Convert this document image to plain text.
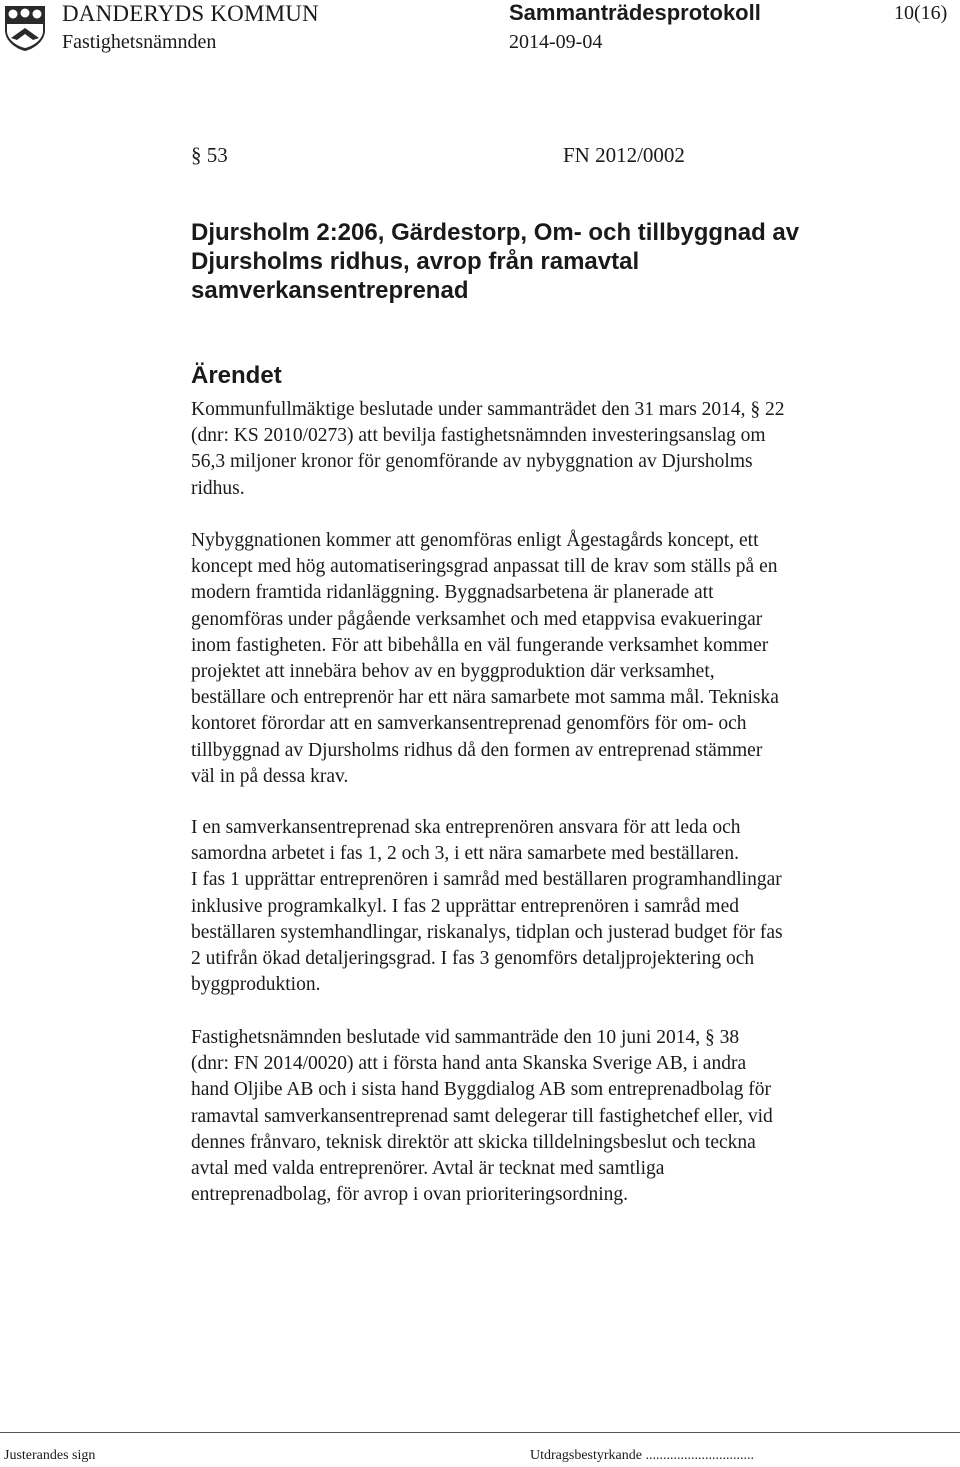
DANDERYDS KOMMUN
Fastighetsnämnden
Sammanträdesprotokoll
2014-09-04
10(16)
§ 53	FN 2012/0002
Djursholm 2:206, Gärdestorp, Om- och tillbyggnad av
Djursholms ridhus, avrop från ramavtal
samverkansentreprenad
Ärendet

Kommunfullmäktige beslutade under sammanträdet den 31 mars 2014, § 22
(dnr: KS 2010/0273) att bevilja fastighetsnämnden investeringsanslag om
56,3 miljoner kronor för genomförande av nybyggnation av Djursholms
ridhus.

Nybyggnationen kommer att genomföras enligt Ågestagårds koncept, ett
koncept med hög automatiseringsgrad anpassat till de krav som ställs på en
modern framtida ridanläggning. Byggnadsarbetena är planerade att
genomföras under pågående verksamhet och med etappvisa evakueringar
inom fastigheten. För att bibehålla en väl fungerande verksamhet kommer
projektet att innebära behov av en byggproduktion där verksamhet,
beställare och entreprenör har ett nära samarbete mot samma mål. Tekniska
kontoret förordar att en samverkansentreprenad genomförs för om- och
tillbyggnad av Djursholms ridhus då den formen av entreprenad stämmer
väl in på dessa krav.

I en samverkansentreprenad ska entreprenören ansvara för att leda och
samordna arbetet i fas 1, 2 och 3, i ett nära samarbete med beställaren.
I fas 1 upprättar entreprenören i samråd med beställaren programhandlingar
inklusive programkalkyl. I fas 2 upprättar entreprenören i samråd med
beställaren systemhandlingar, riskanalys, tidplan och justerad budget för fas
2 utifrån ökad detaljeringsgrad. I fas 3 genomförs detaljprojektering och
byggproduktion.

Fastighetsnämnden beslutade vid sammanträde den 10 juni 2014, § 38
(dnr: FN 2014/0020) att i första hand anta Skanska Sverige AB, i andra
hand Oljibe AB och i sista hand Byggdialog AB som entreprenadbolag för
ramavtal samverkansentreprenad samt delegerar till fastighetchef eller, vid
dennes frånvaro, teknisk direktör att skicka tilldelningsbeslut och teckna
avtal med valda entreprenörer. Avtal är tecknat med samtliga
entreprenadbolag, för avrop i ovan prioriteringsordning.

Justerandes sign	Utdragsbestyrkande ...............................
